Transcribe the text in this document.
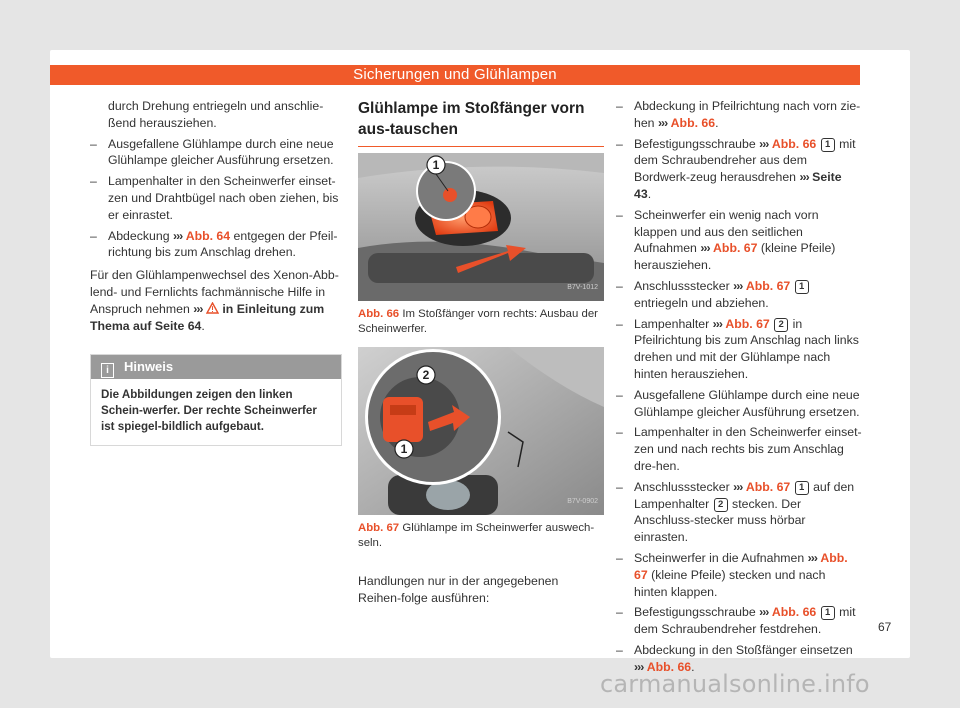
Sicherungen und Glühlampen

durch Drehung entriegeln und anschlie-ßend herausziehen.

– Ausgefallene Glühlampe durch eine neue Glühlampe gleicher Ausführung ersetzen.

– Lampenhalter in den Scheinwerfer einset-zen und Drahtbügel nach oben ziehen, bis er einrastet.

– Abdeckung ››› Abb. 64 entgegen der Pfeil-richtung bis zum Anschlag drehen.

Für den Glühlampenwechsel des Xenon-Abb-lend- und Fernlichts fachmännische Hilfe in Anspruch nehmen ››› in Einleitung zum Thema auf Seite 64.

i Hinweis
Die Abbildungen zeigen den linken Schein-werfer. Der rechte Scheinwerfer ist spiegel-bildlich aufgebaut.
Glühlampe im Stoßfänger vorn aus-tauschen
1
B7V-1012

Abb. 66 Im Stoßfänger vorn rechts: Ausbau der Scheinwerfer.

2
1
B7V-0902

Abb. 67 Glühlampe im Scheinwerfer auswech-seln.

Handlungen nur in der angegebenen Reihen-folge ausführen:

– Abdeckung in Pfeilrichtung nach vorn zie-hen ››› Abb. 66.

– Befestigungsschraube ››› Abb. 66 1 mit dem Schraubendreher aus dem Bordwerk-zeug herausdrehen ››› Seite 43.

– Scheinwerfer ein wenig nach vorn klappen und aus den seitlichen Aufnahmen ››› Abb. 67 (kleine Pfeile) herausziehen.

– Anschlussstecker ››› Abb. 67 1 entriegeln und abziehen.

– Lampenhalter ››› Abb. 67 2 in Pfeilrichtung bis zum Anschlag nach links drehen und mit der Glühlampe nach hinten herausziehen.

– Ausgefallene Glühlampe durch eine neue Glühlampe gleicher Ausführung ersetzen.

– Lampenhalter in den Scheinwerfer einset-zen und nach rechts bis zum Anschlag dre-hen.

– Anschlussstecker ››› Abb. 67 1 auf den Lampenhalter 2 stecken. Der Anschluss-stecker muss hörbar einrasten.

– Scheinwerfer in die Aufnahmen ››› Abb. 67 (kleine Pfeile) stecken und nach hinten klappen.

– Befestigungsschraube ››› Abb. 66 1 mit dem Schraubendreher festdrehen.

– Abdeckung in den Stoßfänger einsetzen ››› Abb. 66.

67
carmanualsonline.info
